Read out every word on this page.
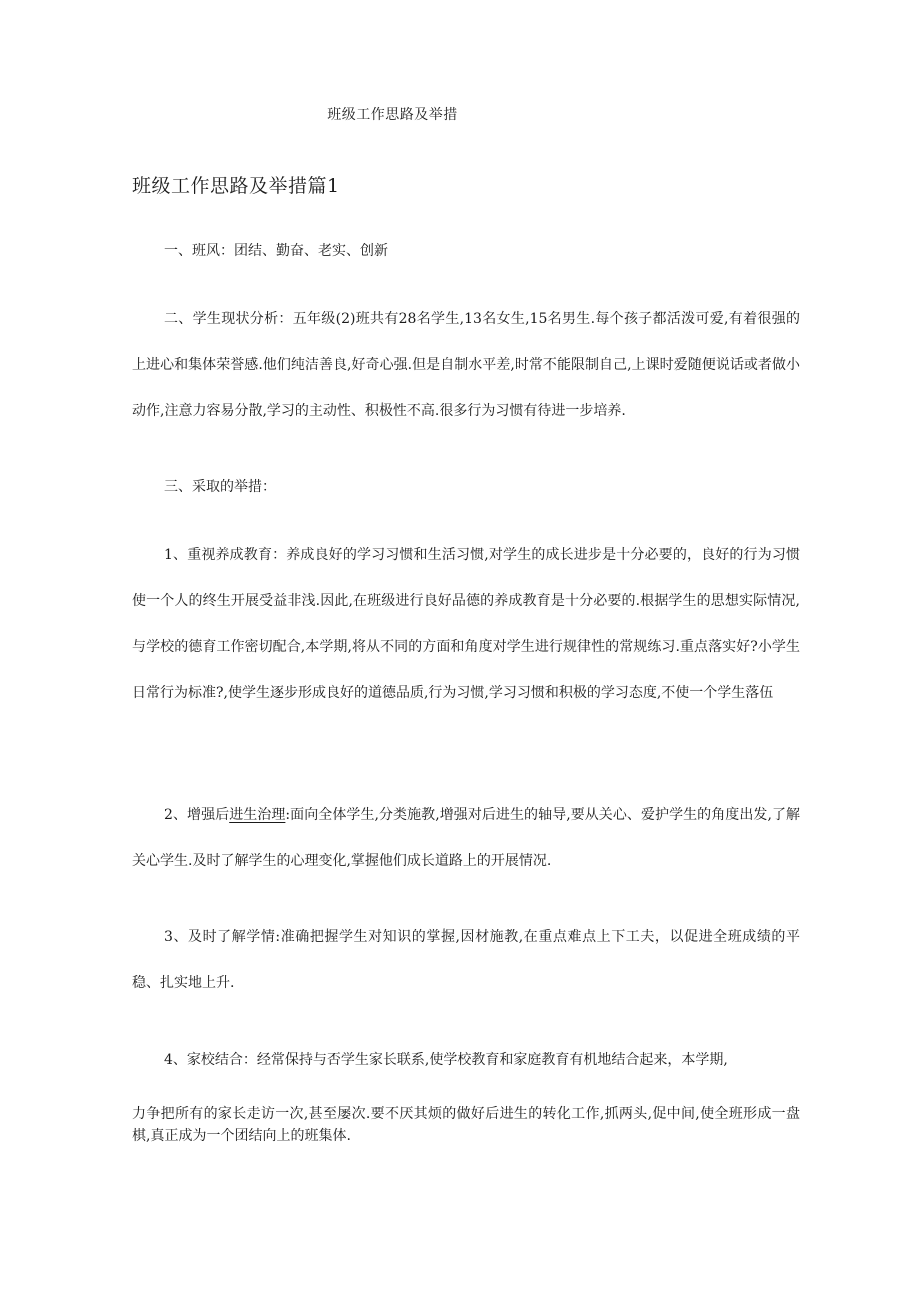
班级工作思路及举措
班级工作思路及举措篇1

一、班风：团结、勤奋、老实、创新

二、学生现状分析：五年级(2)班共有28名学生,13名女生,15名男生.每个孩子都活泼可爱,有着很强的上进心和集体荣誉感.他们纯洁善良,好奇心强.但是自制水平差,时常不能限制自己,上课时爱随便说话或者做小动作,注意力容易分散,学习的主动性、积极性不高.很多行为习惯有待进一步培养.

三、采取的举措：

1、重视养成教育：养成良好的学习习惯和生活习惯,对学生的成长进步是十分必要的，良好的行为习惯使一个人的终生开展受益非浅.因此,在班级进行良好品德的养成教育是十分必要的.根据学生的思想实际情况,与学校的德育工作密切配合,本学期,将从不同的方面和角度对学生进行规律性的常规练习.重点落实好?小学生日常行为标准?,使学生逐步形成良好的道德品质,行为习惯,学习习惯和积极的学习态度,不使一个学生落伍

2、增强后进生治理:面向全体学生,分类施教,增强对后进生的轴导,要从关心、爱护学生的角度出发,了解关心学生.及时了解学生的心理变化,掌握他们成长道路上的开展情况.

3、及时了解学情:准确把握学生对知识的掌握,因材施教,在重点难点上下工夫，以促进全班成绩的平稳、扎实地上升.

4、家校结合：经常保持与否学生家长联系,使学校教育和家庭教育有机地结合起来，本学期,

力争把所有的家长走访一次,甚至屡次.要不厌其烦的做好后进生的转化工作,抓两头,促中间,使全班形成一盘棋,真正成为一个团结向上的班集体.
